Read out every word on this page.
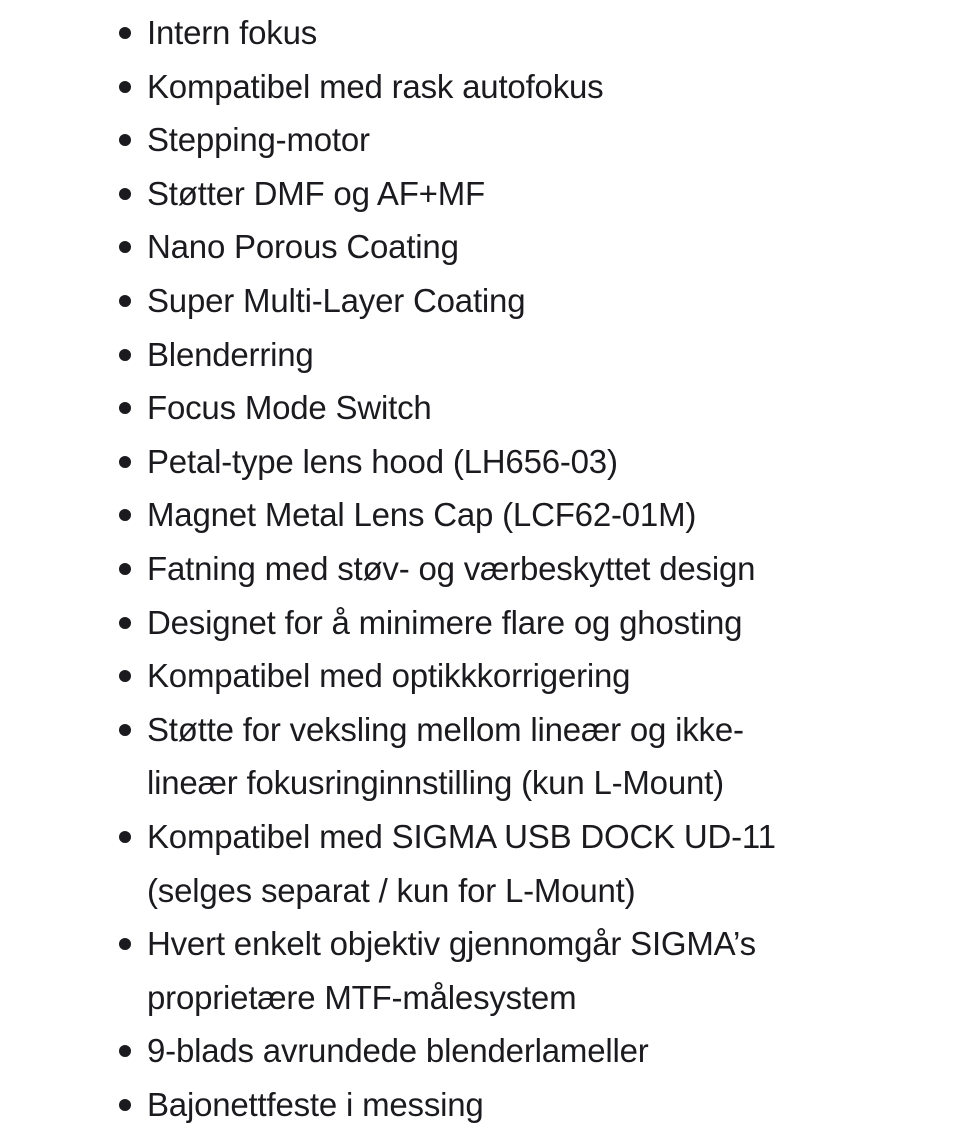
Intern fokus
Kompatibel med rask autofokus
Stepping-motor
Støtter DMF og AF+MF
Nano Porous Coating
Super Multi-Layer Coating
Blenderring
Focus Mode Switch
Petal-type lens hood (LH656-03)
Magnet Metal Lens Cap (LCF62-01M)
Fatning med støv- og værbeskyttet design
Designet for å minimere flare og ghosting
Kompatibel med optikkkorrigering
Støtte for veksling mellom lineær og ikke-
lineær fokusringinnstilling (kun L-Mount)
Kompatibel med SIGMA USB DOCK UD-11
(selges separat / kun for L-Mount)
Hvert enkelt objektiv gjennomgår SIGMA’s
proprietære MTF-målesystem
9-blads avrundede blenderlameller
Bajonettfeste i messing
